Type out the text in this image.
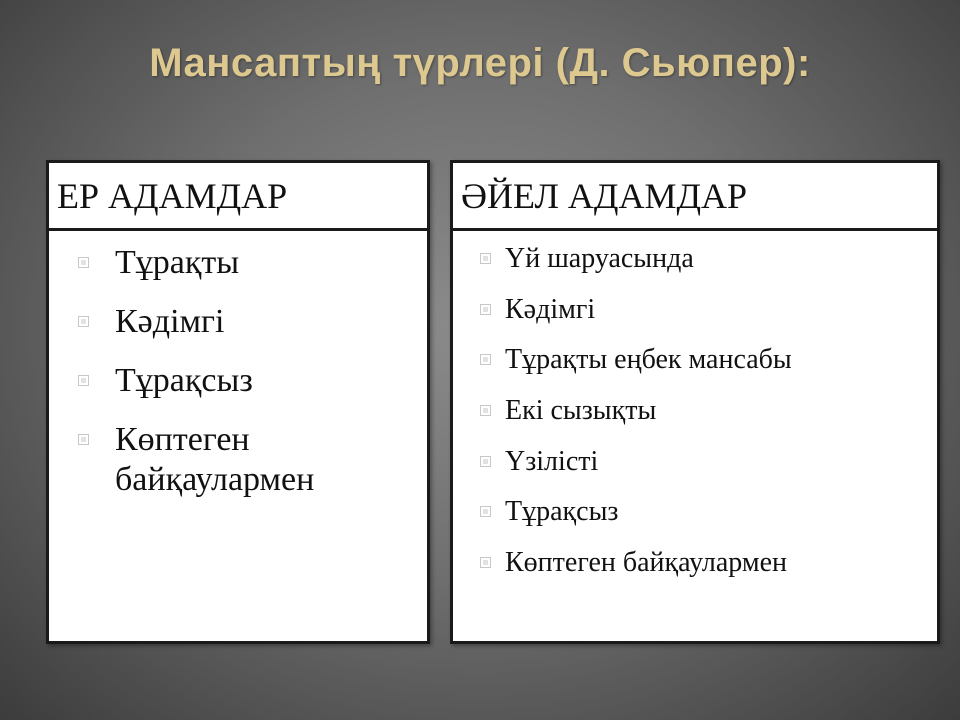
Мансаптың түрлері (Д. Сьюпер):
ЕР АДАМДАР
Тұрақты
Кәдімгі
Тұрақсыз
Көптеген байқаулармен
ӘЙЕЛ АДАМДАР
Үй шаруасында
Кәдімгі
Тұрақты еңбек мансабы
Екі сызықты
Үзілісті
Тұрақсыз
Көптеген байқаулармен
